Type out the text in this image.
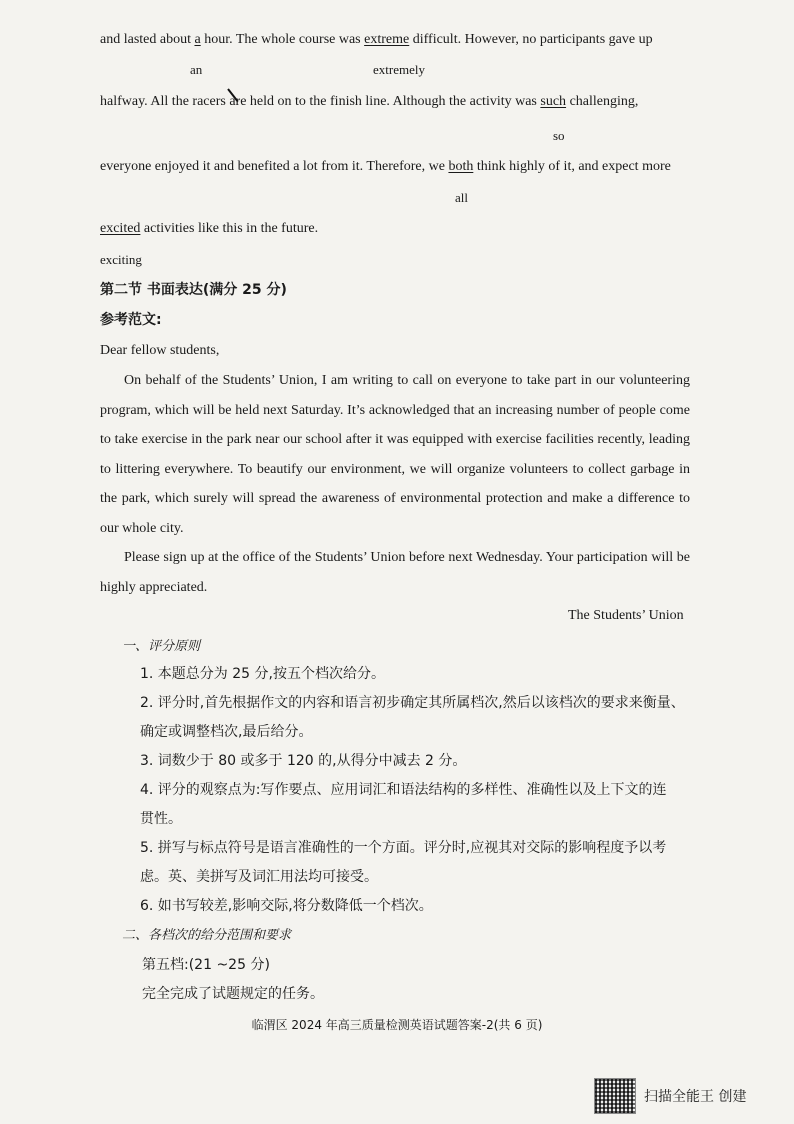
and lasted about a hour. The whole course was extreme difficult. However, no participants gave up
an	extremely
halfway. All the racers are held on to the finish line. Although the activity was such challenging,
so
everyone enjoyed it and benefited a lot from it. Therefore, we both think highly of it, and expect more
all
excited activities like this in the future.
exciting
第二节 书面表达(满分 25 分)
参考范文:
Dear fellow students,

On behalf of the Students’ Union, I am writing to call on everyone to take part in our volunteering program, which will be held next Saturday. It’s acknowledged that an increasing number of people come to take exercise in the park near our school after it was equipped with exercise facilities recently, leading to littering everywhere. To beautify our environment, we will organize volunteers to collect garbage in the park, which surely will spread the awareness of environmental protection and make a difference to our whole city.

Please sign up at the office of the Students’ Union before next Wednesday. Your participation will be highly appreciated.

The Students’ Union
一、评分原则
1. 本题总分为 25 分,按五个档次给分。
2. 评分时,首先根据作文的内容和语言初步确定其所属档次,然后以该档次的要求来衡量、
确定或调整档次,最后给分。
3. 词数少于 80 或多于 120 的,从得分中减去 2 分。
4. 评分的观察点为:写作要点、应用词汇和语法结构的多样性、准确性以及上下文的连
贯性。
5. 拼写与标点符号是语言准确性的一个方面。评分时,应视其对交际的影响程度予以考
虑。英、美拼写及词汇用法均可接受。
6. 如书写较差,影响交际,将分数降低一个档次。
二、各档次的给分范围和要求
第五档:(21 ~25 分)
完全完成了试题规定的任务。
临渭区 2024 年高三质量检测英语试题答案-2(共 6 页)
扫描全能王 创建
